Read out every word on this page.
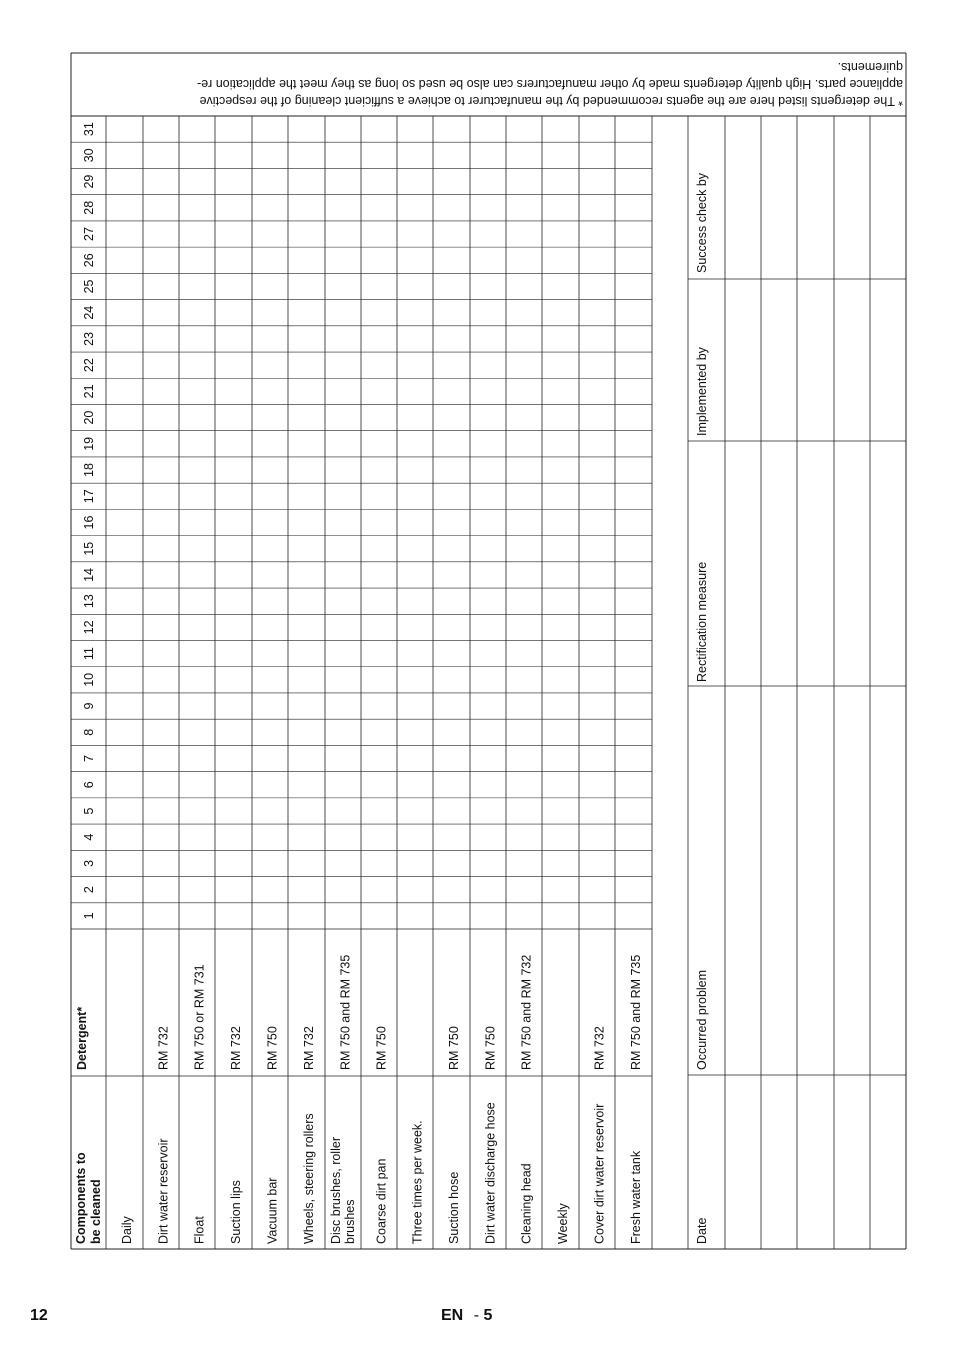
* The detergents listed here are the agents recommended by the manufacturer to achieve a sufficient cleaning of the respective
appliance parts. High quality detergents made by other manufacturers can also be used so long as they meet the application re-
quirements.
Components to be cleaned
Detergent*
1
2
3
4
5
6
7
8
9
10
11
12
13
14
15
16
17
18
19
20
21
22
23
24
25
26
27
28
29
30
31
Daily Dirt water reservoir
RM 732
Float
RM 750 or RM 731
Suction lips
RM 732
Vacuum bar
RM 750
Wheels, steering rollers
RM 732
Disc brushes, roller brushes
RM 750 and RM 735
Coarse dirt pan
RM 750
Three times per week. Suction hose
RM 750
Dirt water discharge hose
RM 750
Cleaning head
RM 750 and RM 732
Weekly Cover dirt water reservoir
RM 732
Fresh water tank
RM 750 and RM 735
Date
Occurred problem
Rectification measure
Implemented by
Success check by
12	EN - 5
